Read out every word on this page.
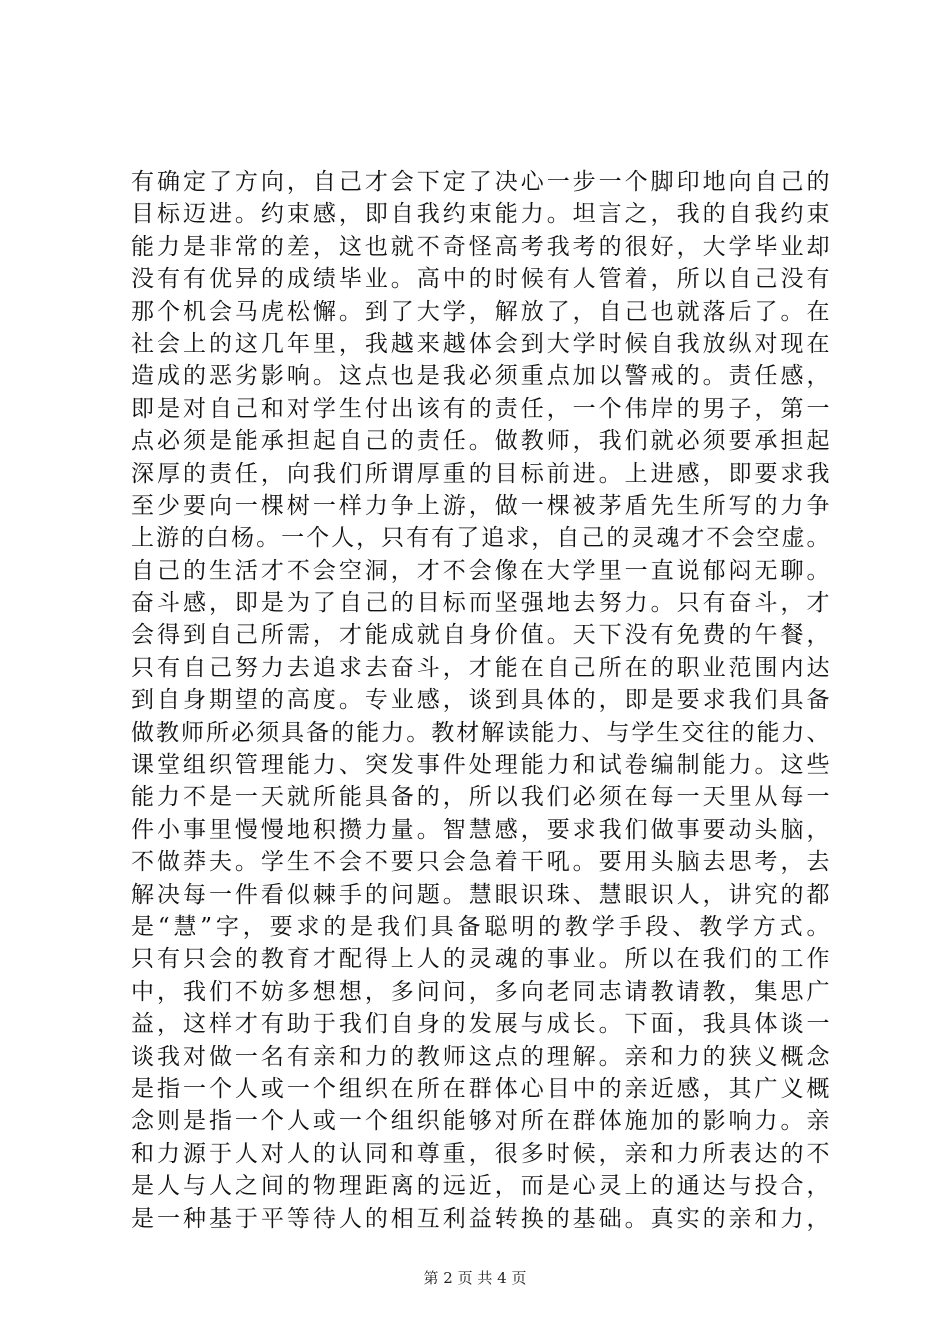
有确定了方向，自己才会下定了决心一步一个脚印地向自己的
目标迈进。约束感，即自我约束能力。坦言之，我的自我约束
能力是非常的差，这也就不奇怪高考我考的很好，大学毕业却
没有有优异的成绩毕业。高中的时候有人管着，所以自己没有
那个机会马虎松懈。到了大学，解放了，自己也就落后了。在
社会上的这几年里，我越来越体会到大学时候自我放纵对现在
造成的恶劣影响。这点也是我必须重点加以警戒的。责任感，
即是对自己和对学生付出该有的责任，一个伟岸的男子，第一
点必须是能承担起自己的责任。做教师，我们就必须要承担起
深厚的责任，向我们所谓厚重的目标前进。上进感，即要求我
至少要向一棵树一样力争上游，做一棵被茅盾先生所写的力争
上游的白杨。一个人，只有有了追求，自己的灵魂才不会空虚。
自己的生活才不会空洞，才不会像在大学里一直说郁闷无聊。
奋斗感，即是为了自己的目标而坚强地去努力。只有奋斗，才
会得到自己所需，才能成就自身价值。天下没有免费的午餐，
只有自己努力去追求去奋斗，才能在自己所在的职业范围内达
到自身期望的高度。专业感，谈到具体的，即是要求我们具备
做教师所必须具备的能力。教材解读能力、与学生交往的能力、
课堂组织管理能力、突发事件处理能力和试卷编制能力。这些
能力不是一天就所能具备的，所以我们必须在每一天里从每一
件小事里慢慢地积攒力量。智慧感，要求我们做事要动头脑，
不做莽夫。学生不会不要只会急着干吼。要用头脑去思考，去
解决每一件看似棘手的问题。慧眼识珠、慧眼识人，讲究的都
是“慧”字，要求的是我们具备聪明的教学手段、教学方式。
只有只会的教育才配得上人的灵魂的事业。所以在我们的工作
中，我们不妨多想想，多问问，多向老同志请教请教，集思广
益，这样才有助于我们自身的发展与成长。下面，我具体谈一
谈我对做一名有亲和力的教师这点的理解。亲和力的狭义概念
是指一个人或一个组织在所在群体心目中的亲近感，其广义概
念则是指一个人或一个组织能够对所在群体施加的影响力。亲
和力源于人对人的认同和尊重，很多时候，亲和力所表达的不
是人与人之间的物理距离的远近，而是心灵上的通达与投合，
是一种基于平等待人的相互利益转换的基础。真实的亲和力，
第 2 页 共 4 页
